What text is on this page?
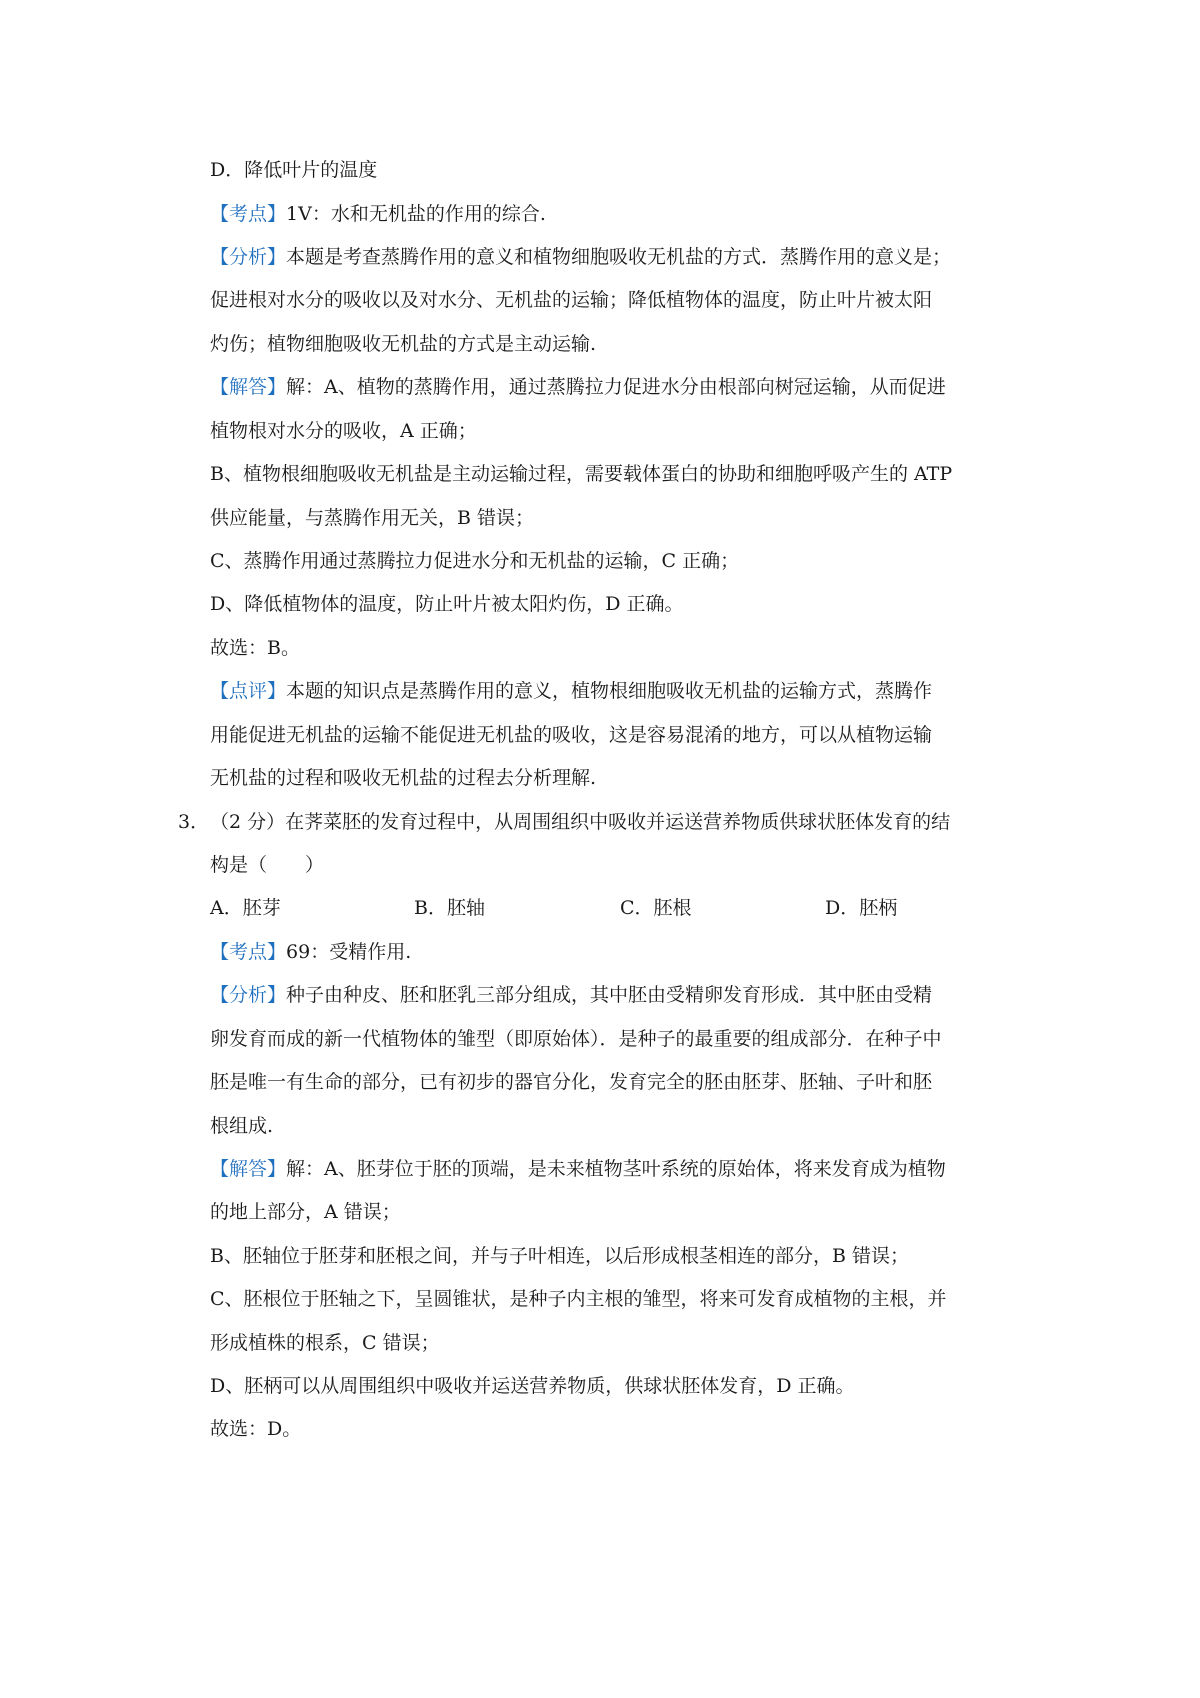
D．降低叶片的温度
【考点】1V：水和无机盐的作用的综合.
【分析】本题是考查蒸腾作用的意义和植物细胞吸收无机盐的方式．蒸腾作用的意义是；
促进根对水分的吸收以及对水分、无机盐的运输；降低植物体的温度，防止叶片被太阳
灼伤；植物细胞吸收无机盐的方式是主动运输.
【解答】解：A、植物的蒸腾作用，通过蒸腾拉力促进水分由根部向树冠运输，从而促进
植物根对水分的吸收，A 正确；
B、植物根细胞吸收无机盐是主动运输过程，需要载体蛋白的协助和细胞呼吸产生的 ATP
供应能量，与蒸腾作用无关，B 错误；
C、蒸腾作用通过蒸腾拉力促进水分和无机盐的运输，C 正确；
D、降低植物体的温度，防止叶片被太阳灼伤，D 正确。
故选：B。
【点评】本题的知识点是蒸腾作用的意义，植物根细胞吸收无机盐的运输方式，蒸腾作
用能促进无机盐的运输不能促进无机盐的吸收，这是容易混淆的地方，可以从植物运输
无机盐的过程和吸收无机盐的过程去分析理解.
3． （2 分）在荠菜胚的发育过程中，从周围组织中吸收并运送营养物质供球状胚体发育的结
构是（　　）
A．胚芽	B．胚轴	C．胚根	D．胚柄
【考点】69：受精作用.
【分析】种子由种皮、胚和胚乳三部分组成，其中胚由受精卵发育形成．其中胚由受精
卵发育而成的新一代植物体的雏型（即原始体）．是种子的最重要的组成部分．在种子中
胚是唯一有生命的部分，已有初步的器官分化，发育完全的胚由胚芽、胚轴、子叶和胚
根组成.
【解答】解：A、胚芽位于胚的顶端，是未来植物茎叶系统的原始体，将来发育成为植物
的地上部分，A 错误；
B、胚轴位于胚芽和胚根之间，并与子叶相连，以后形成根茎相连的部分，B 错误；
C、胚根位于胚轴之下，呈圆锥状，是种子内主根的雏型，将来可发育成植物的主根，并
形成植株的根系，C 错误；
D、胚柄可以从周围组织中吸收并运送营养物质，供球状胚体发育，D 正确。
故选：D。
